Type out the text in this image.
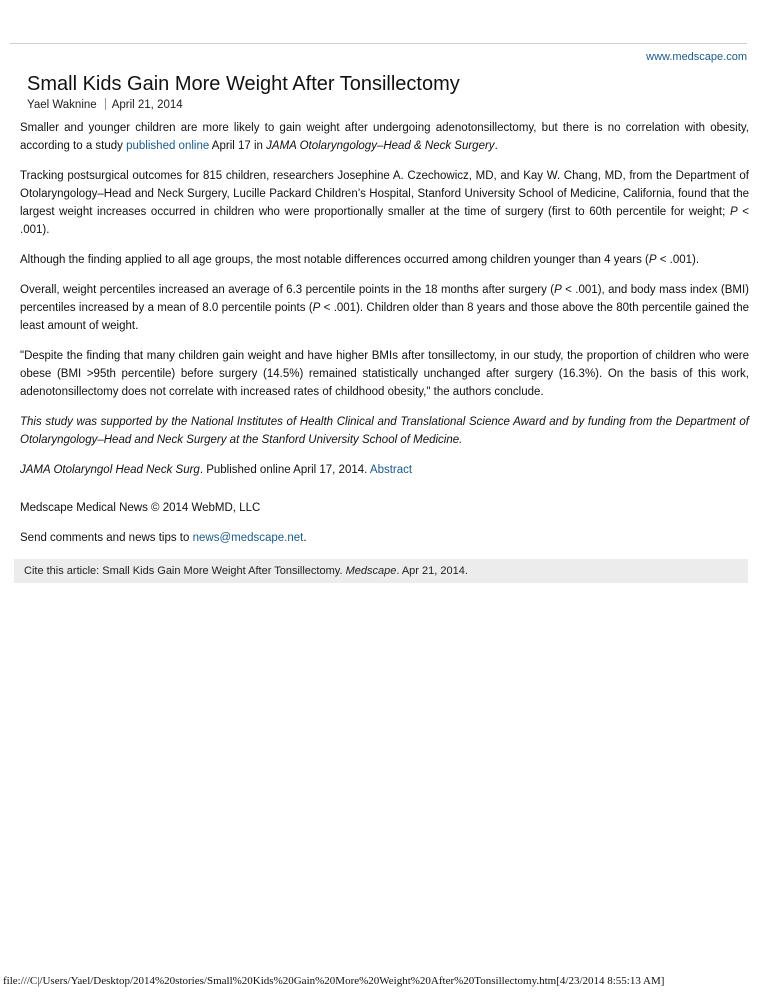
www.medscape.com
Small Kids Gain More Weight After Tonsillectomy
Yael Waknine April 21, 2014

Smaller and younger children are more likely to gain weight after undergoing adenotonsillectomy, but there is no correlation with obesity, according to a study published online April 17 in JAMA Otolaryngology–Head & Neck Surgery.

Tracking postsurgical outcomes for 815 children, researchers Josephine A. Czechowicz, MD, and Kay W. Chang, MD, from the Department of Otolaryngology–Head and Neck Surgery, Lucille Packard Children’s Hospital, Stanford University School of Medicine, California, found that the largest weight increases occurred in children who were proportionally smaller at the time of surgery (first to 60th percentile for weight; P < .001).

Although the finding applied to all age groups, the most notable differences occurred among children younger than 4 years (P < .001).

Overall, weight percentiles increased an average of 6.3 percentile points in the 18 months after surgery (P < .001), and body mass index (BMI) percentiles increased by a mean of 8.0 percentile points (P < .001). Children older than 8 years and those above the 80th percentile gained the least amount of weight.

"Despite the finding that many children gain weight and have higher BMIs after tonsillectomy, in our study, the proportion of children who were obese (BMI >95th percentile) before surgery (14.5%) remained statistically unchanged after surgery (16.3%). On the basis of this work, adenotonsillectomy does not correlate with increased rates of childhood obesity," the authors conclude.

This study was supported by the National Institutes of Health Clinical and Translational Science Award and by funding from the Department of Otolaryngology–Head and Neck Surgery at the Stanford University School of Medicine.

JAMA Otolaryngol Head Neck Surg. Published online April 17, 2014. Abstract

Medscape Medical News © 2014 WebMD, LLC

Send comments and news tips to news@medscape.net.

Cite this article: Small Kids Gain More Weight After Tonsillectomy. Medscape. Apr 21, 2014.
file:///C|/Users/Yael/Desktop/2014%20stories/Small%20Kids%20Gain%20More%20Weight%20After%20Tonsillectomy.htm[4/23/2014 8:55:13 AM]
